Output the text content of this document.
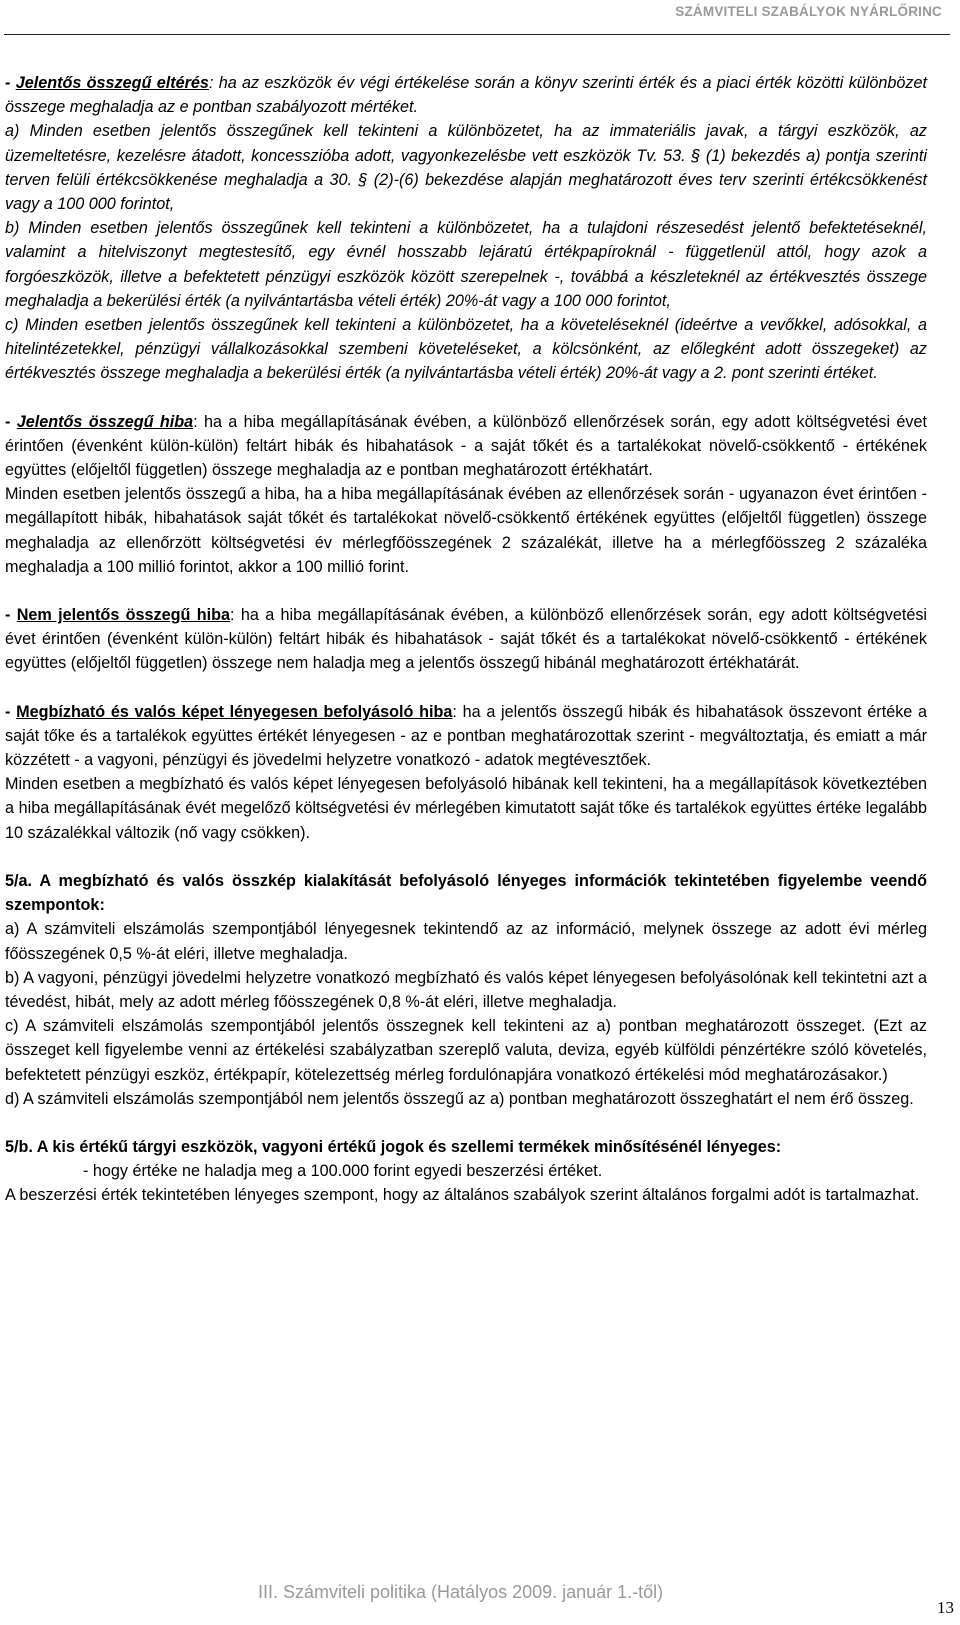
SZÁMVITELI SZABÁLYOK NYÁRLŐRINC

- Jelentős összegű eltérés: ha az eszközök év végi értékelése során a könyv szerinti érték és a piaci érték közötti különbözet összege meghaladja az e pontban szabályozott mértéket.

a) Minden esetben jelentős összegűnek kell tekinteni a különbözetet, ha az immateriális javak, a tárgyi eszközök, az üzemeltetésre, kezelésre átadott, koncesszióba adott, vagyonkezelésbe vett eszközök Tv. 53. § (1) bekezdés a) pontja szerinti terven felüli értékcsökkenése meghaladja a 30. § (2)-(6) bekezdése alapján meghatározott éves terv szerinti értékcsökkenést vagy a 100 000 forintot,

b) Minden esetben jelentős összegűnek kell tekinteni a különbözetet, ha a tulajdoni részesedést jelentő befektetéseknél, valamint a hitelviszonyt megtestesítő, egy évnél hosszabb lejáratú értékpapíroknál - függetlenül attól, hogy azok a forgóeszközök, illetve a befektetett pénzügyi eszközök között szerepelnek -, továbbá a készleteknél az értékvesztés összege meghaladja a bekerülési érték (a nyilvántartásba vételi érték) 20%-át vagy a 100 000 forintot,

c) Minden esetben jelentős összegűnek kell tekinteni a különbözetet, ha a követeléseknél (ideértve a vevőkkel, adósokkal, a hitelintézetekkel, pénzügyi vállalkozásokkal szembeni követeléseket, a kölcsönként, az előlegként adott összegeket) az értékvesztés összege meghaladja a bekerülési érték (a nyilvántartásba vételi érték) 20%-át vagy a 2. pont szerinti értéket.

- Jelentős összegű hiba: ha a hiba megállapításának évében, a különböző ellenőrzések során, egy adott költségvetési évet érintően (évenként külön-külön) feltárt hibák és hibahatások - a saját tőkét és a tartalékokat növelő-csökkentő - értékének együttes (előjeltől független) összege meghaladja az e pontban meghatározott értékhatárt.

Minden esetben jelentős összegű a hiba, ha a hiba megállapításának évében az ellenőrzések során - ugyanazon évet érintően - megállapított hibák, hibahatások saját tőkét és tartalékokat növelő-csökkentő értékének együttes (előjeltől független) összege meghaladja az ellenőrzött költségvetési év mérlegfőösszegének 2 százalékát, illetve ha a mérlegfőösszeg 2 százaléka meghaladja a 100 millió forintot, akkor a 100 millió forint.

- Nem jelentős összegű hiba: ha a hiba megállapításának évében, a különböző ellenőrzések során, egy adott költségvetési évet érintően (évenként külön-külön) feltárt hibák és hibahatások - saját tőkét és a tartalékokat növelő-csökkentő - értékének együttes (előjeltől független) összege nem haladja meg a jelentős összegű hibánál meghatározott értékhatárát.

- Megbízható és valós képet lényegesen befolyásoló hiba: ha a jelentős összegű hibák és hibahatások összevont értéke a saját tőke és a tartalékok együttes értékét lényegesen - az e pontban meghatározottak szerint - megváltoztatja, és emiatt a már közzétett - a vagyoni, pénzügyi és jövedelmi helyzetre vonatkozó - adatok megtévesztőek.

Minden esetben a megbízható és valós képet lényegesen befolyásoló hibának kell tekinteni, ha a megállapítások következtében a hiba megállapításának évét megelőző költségvetési év mérlegében kimutatott saját tőke és tartalékok együttes értéke legalább 10 százalékkal változik (nő vagy csökken).

5/a. A megbízható és valós összkép kialakítását befolyásoló lényeges információk tekintetében figyelembe veendő szempontok:

a) A számviteli elszámolás szempontjából lényegesnek tekintendő az az információ, melynek összege az adott évi mérleg főösszegének 0,5 %-át eléri, illetve meghaladja.

b) A vagyoni, pénzügyi jövedelmi helyzetre vonatkozó megbízható és valós képet lényegesen befolyásolónak kell tekintetni azt a tévedést, hibát, mely az adott mérleg főösszegének 0,8 %-át eléri, illetve meghaladja.

c) A számviteli elszámolás szempontjából jelentős összegnek kell tekinteni az a) pontban meghatározott összeget. (Ezt az összeget kell figyelembe venni az értékelési szabályzatban szereplő valuta, deviza, egyéb külföldi pénzértékre szóló követelés, befektetett pénzügyi eszköz, értékpapír, kötelezettség mérleg fordulónapjára vonatkozó értékelési mód meghatározásakor.)

d) A számviteli elszámolás szempontjából nem jelentős összegű az a) pontban meghatározott összeghatárt el nem érő összeg.

5/b. A kis értékű tárgyi eszközök, vagyoni értékű jogok és szellemi termékek minősítésénél lényeges:

- hogy értéke ne haladja meg a 100.000 forint egyedi beszerzési értéket.

A beszerzési érték tekintetében lényeges szempont, hogy az általános szabályok szerint általános forgalmi adót is tartalmazhat.

III. Számviteli politika (Hatályos 2009. január 1.-től)
13
